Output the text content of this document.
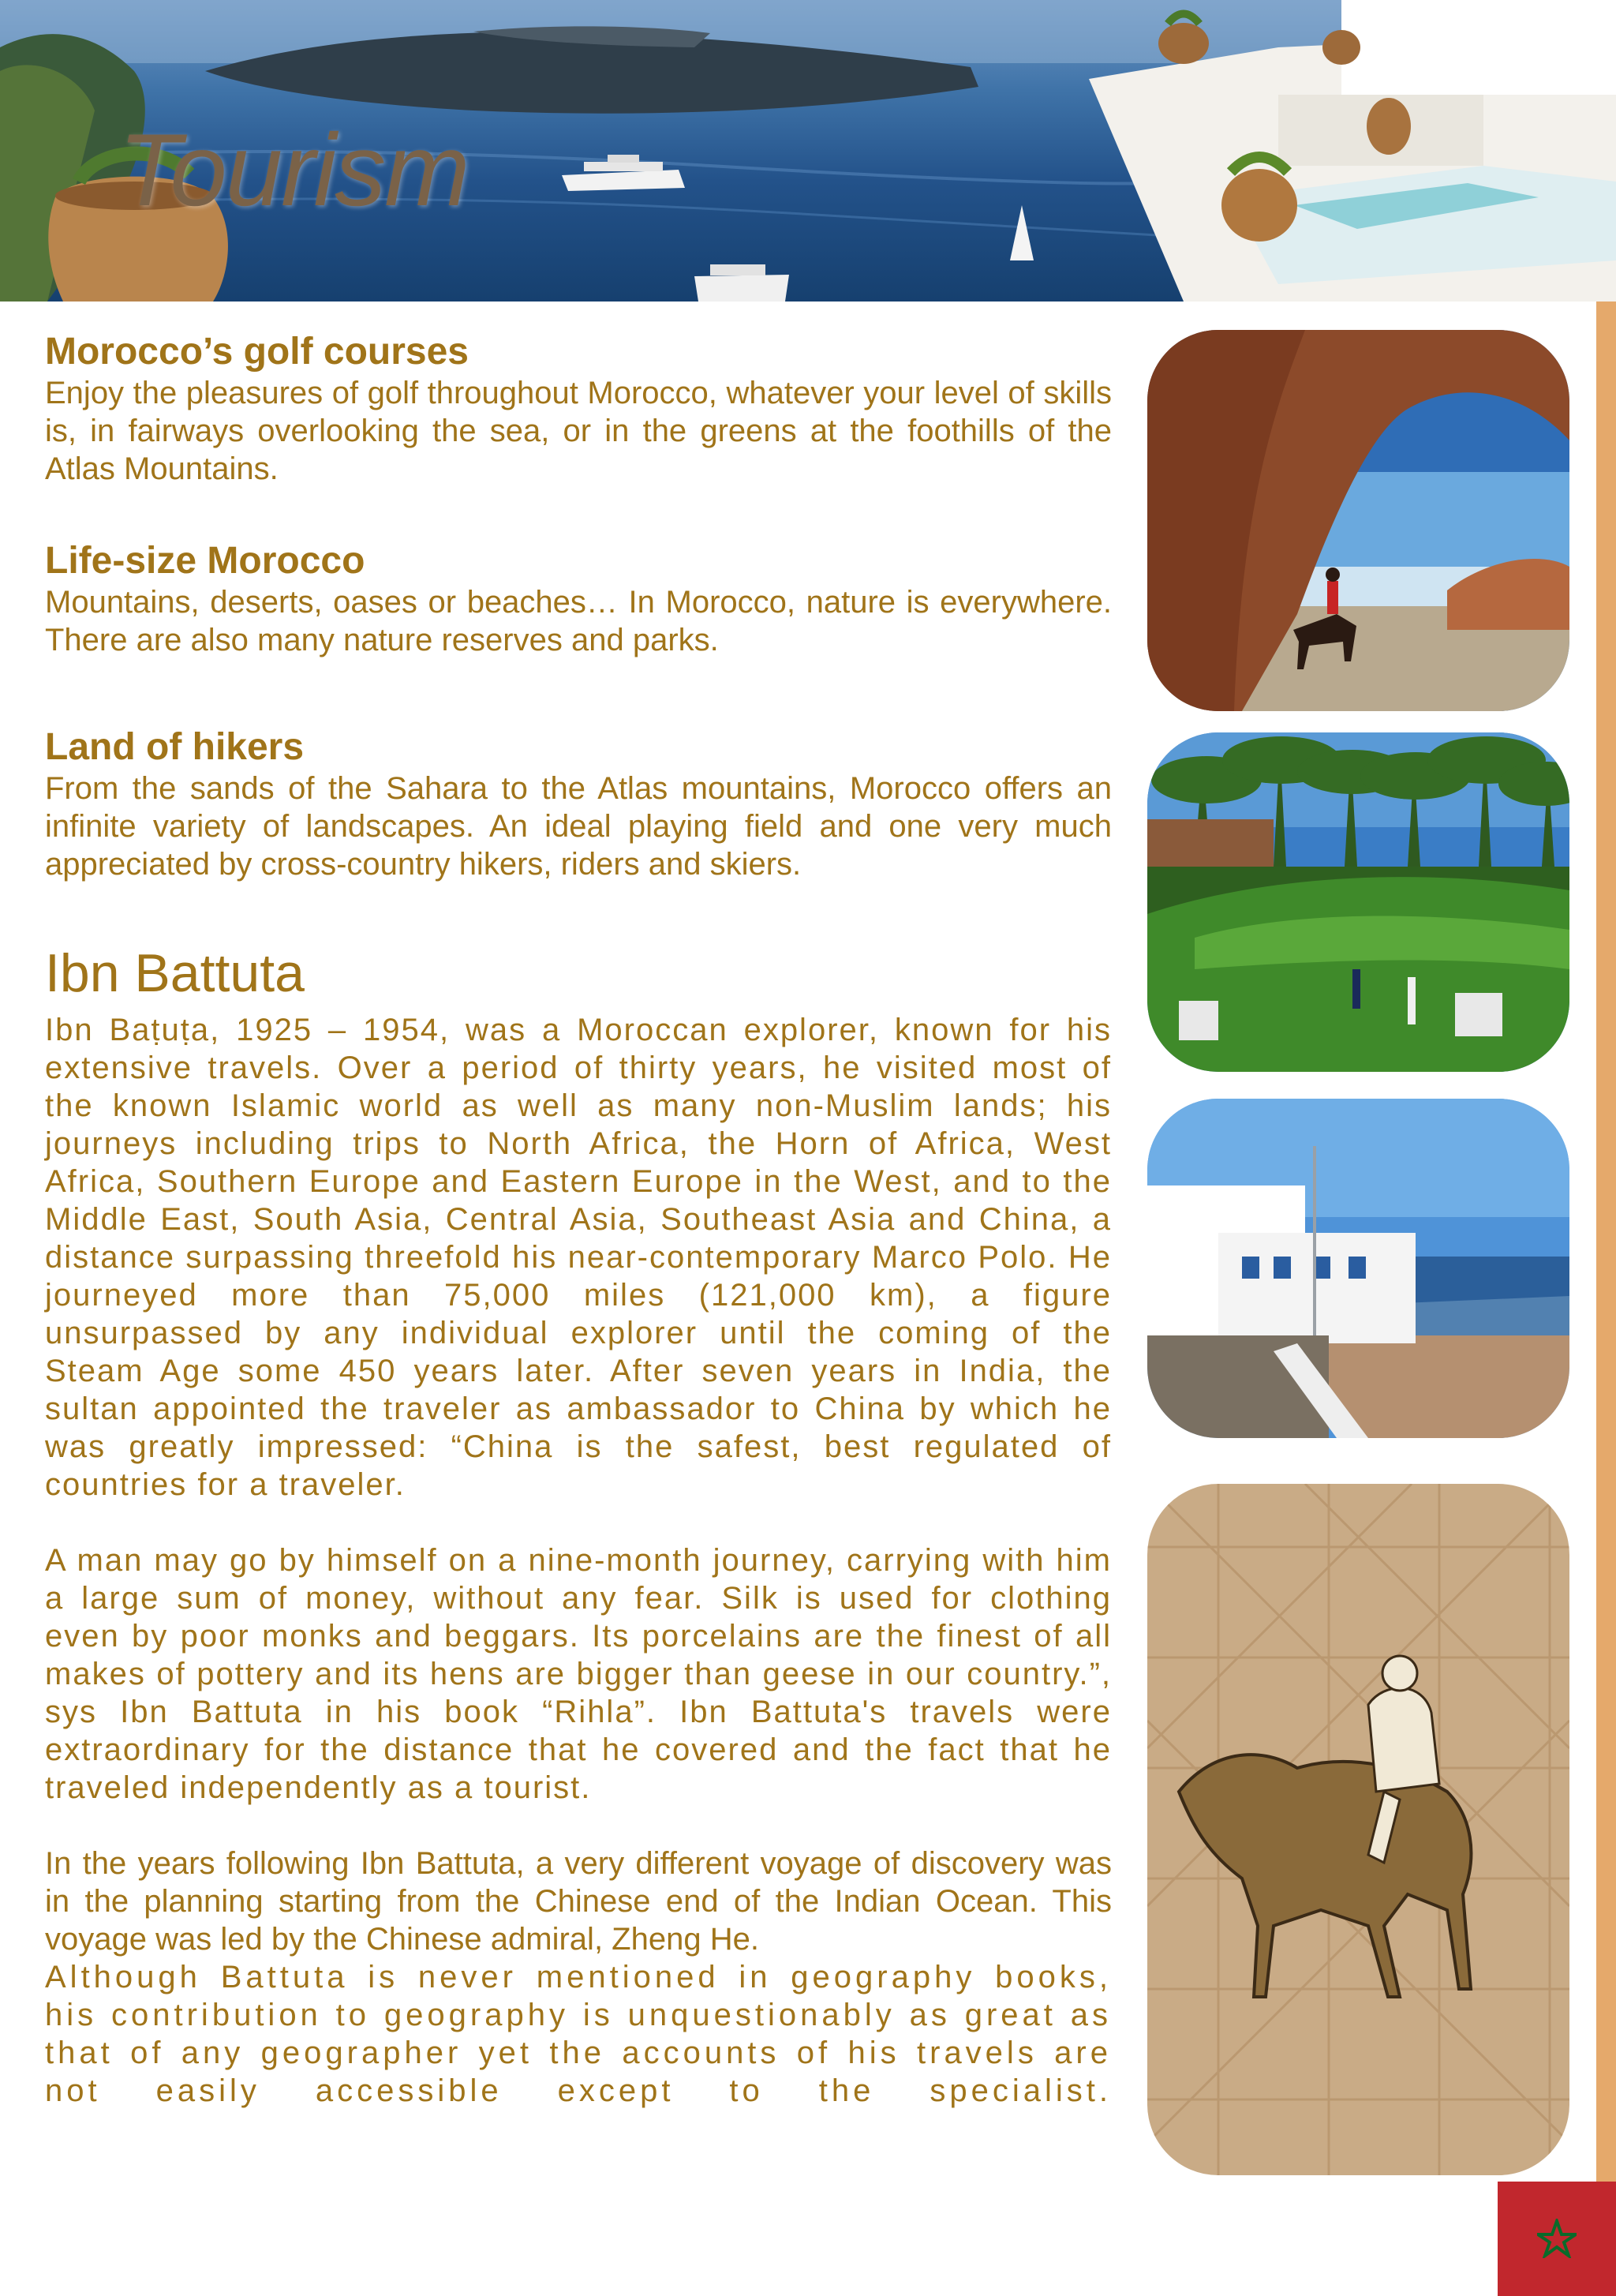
Tourism
Morocco’s golf courses

Enjoy the pleasures of golf throughout Morocco, whatever your level of skills is, in fairways overlooking the sea, or in the greens at the foothills of the Atlas Mountains.

Life-size Morocco

Mountains, deserts, oases or beaches… In Morocco, nature is everywhere. There are also many nature reserves and parks.

Land of hikers

From the sands of the Sahara to the Atlas mountains, Morocco offers an infinite variety of landscapes. An ideal playing field and one very much appreciated by cross-country hikers, riders and skiers.

Ibn Battuta

Ibn Baṭuṭa, 1925 – 1954, was a Moroccan explorer, known for his extensive travels. Over a period of thirty years, he visited most of the known Islamic world as well as many non-Muslim lands; his journeys including trips to North Africa, the Horn of Africa, West Africa, Southern Europe and Eastern Europe in the West, and to the Middle East, South Asia, Central Asia, Southeast Asia and China, a distance surpassing threefold his near-contemporary Marco Polo. He journeyed more than 75,000 miles (121,000 km), a figure unsurpassed by any individual explorer until the coming of the Steam Age some 450 years later. After seven years in India, the sultan appointed the traveler as ambassador to China by which he was greatly impressed: “China is the safest, best regulated of countries for a traveler.

A man may go by himself on a nine-month journey, carrying with him a large sum of money, without any fear. Silk is used for clothing even by poor monks and beggars. Its porcelains are the finest of all makes of pottery and its hens are bigger than geese in our country.”, sys Ibn Battuta in his book “Rihla”. Ibn Battuta's travels were extraordinary for the distance that he covered and the fact that he traveled independently as a tourist.

In the years following Ibn Battuta, a very different voyage of discovery was in the planning starting from the Chinese end of the Indian Ocean. This voyage was led by the Chinese admiral, Zheng He.

Although Battuta is never mentioned in geography books, his contribution to geography is unquestionably as great as that of any geographer yet the accounts of his travels are not easily accessible except to the specialist.
